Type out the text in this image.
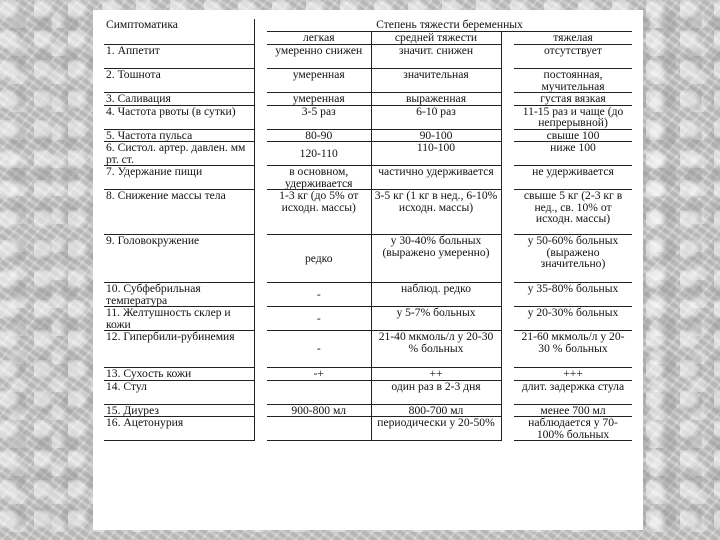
Симптоматика		Степень тяжести беременных			
		легкая	средней тяжести		тяжелая
1. Аппетит		умеренно снижен	значит. снижен		отсутствует
2. Тошнота		умеренная	значительная		постоянная, мучительная
3. Саливация		умеренная	выраженная		густая вязкая
4. Частота рвоты (в сутки)		3-5 раз	6-10 раз		11-15 раз и чаще (до непрерывной)
5. Частота пульса		80-90	90-100		свыше 100
6. Систол. артер. давлен. мм рт. ст.		120-110	110-100		ниже 100
7. Удержание пищи		в основном, удерживается	частично удерживается		не удерживается
8. Снижение массы тела		1-3 кг (до 5% от исходн. массы)	3-5 кг (1 кг в нед., 6-10% исходн. массы)		свыше 5 кг (2-3 кг в нед., св. 10% от исходн. массы)
9. Головокружение		редко	у 30-40% больных (выражено умеренно)		у 50-60% больных (выражено значительно)
10. Субфебрильная температура		-	наблюд. редко		у 35-80% больных
11. Желтушность склер и кожи		-	у 5-7% больных		у 20-30% больных
12. Гипербили-рубинемия		-	21-40 мкмоль/л у 20-30 % больных		21-60 мкмоль/л у 20-30 % больных
13. Сухость кожи		-+	++		+++
14. Стул			один раз в 2-3 дня		длит. задержка стула
15. Диурез		900-800 мл	800-700 мл		менее 700 мл
16. Ацетонурия			периодически у 20-50%		наблюдается у 70-100% больных
